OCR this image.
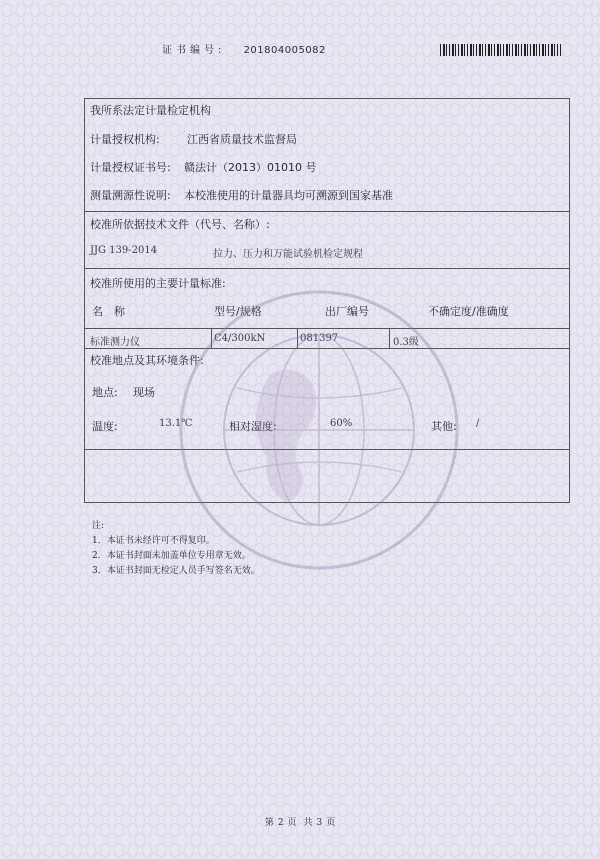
证书编号: 201804005082
我所系法定计量检定机构
计量授权机构: 江西省质量技术监督局
计量授权证书号: 赣法计（2013）01010 号
测量溯源性说明: 本校准使用的计量器具均可溯源到国家基准
校准所依据技术文件（代号、名称）:
JJG 139-2014	拉力、压力和万能试验机检定规程
校准所使用的主要计量标准:
名　称	型号/规格	出厂编号	不确定度/准确度
标准测力仪	C4/300kN	081397	0.3级
校准地点及其环境条件:
地点: 现场
温度:	13.1℃	相对湿度:	60%	其他: /
注:
1．本证书未经许可不得复印。
2．本证书封面未加盖单位专用章无效。
3．本证书封面无检定人员手写签名无效。
第 2 页 共 3 页
